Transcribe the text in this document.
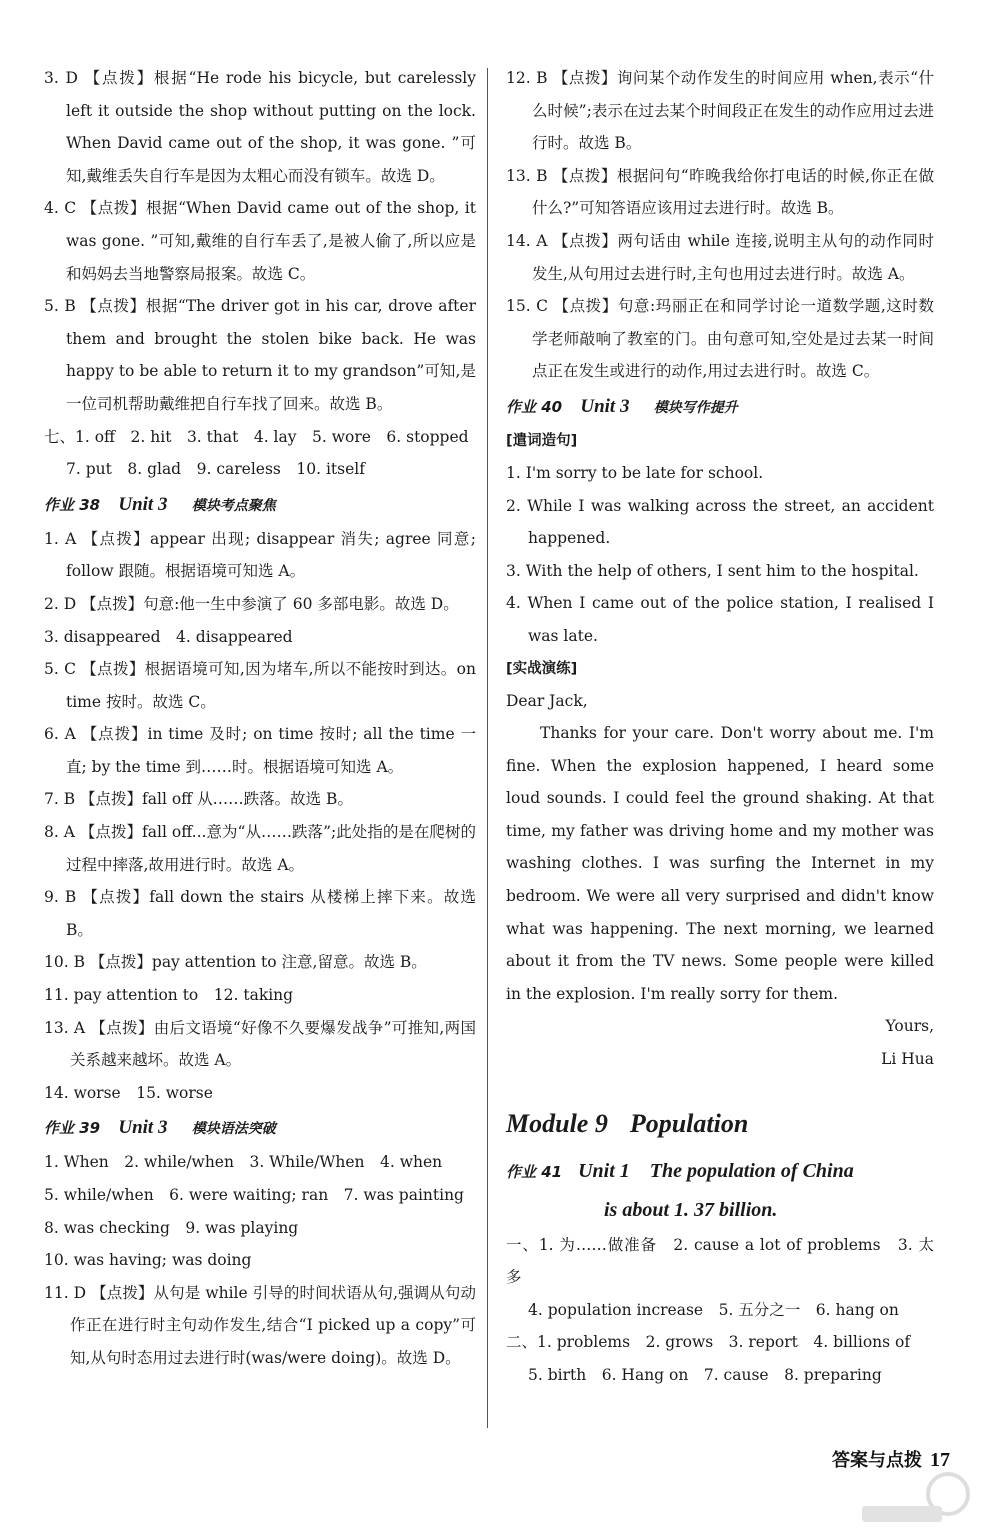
3. D 【点拨】根据“He rode his bicycle, but carelessly left it outside the shop without putting on the lock. When David came out of the shop, it was gone. ”可知,戴维丢失自行车是因为太粗心而没有锁车。故选 D。

4. C 【点拨】根据“When David came out of the shop, it was gone. ”可知,戴维的自行车丢了,是被人偷了,所以应是和妈妈去当地警察局报案。故选 C。

5. B 【点拨】根据“The driver got in his car, drove after them and brought the stolen bike back. He was happy to be able to return it to my grandson”可知,是一位司机帮助戴维把自行车找了回来。故选 B。

七、1. off　2. hit　3. that　4. lay　5. wore　6. stopped

7. put　8. glad　9. careless　10. itself

作业 38 Unit 3 模块考点聚焦

1. A 【点拨】appear 出现; disappear 消失; agree 同意; follow 跟随。根据语境可知选 A。

2. D 【点拨】句意:他一生中参演了 60 多部电影。故选 D。

3. disappeared　4. disappeared

5. C 【点拨】根据语境可知,因为堵车,所以不能按时到达。on time 按时。故选 C。

6. A 【点拨】in time 及时; on time 按时; all the time 一直; by the time 到……时。根据语境可知选 A。

7. B 【点拨】fall off 从……跌落。故选 B。

8. A 【点拨】fall off...意为“从……跌落”;此处指的是在爬树的过程中摔落,故用进行时。故选 A。

9. B 【点拨】fall down the stairs 从楼梯上摔下来。故选 B。

10. B 【点拨】pay attention to 注意,留意。故选 B。

11. pay attention to　12. taking

13. A 【点拨】由后文语境“好像不久要爆发战争”可推知,两国关系越来越坏。故选 A。

14. worse　15. worse

作业 39 Unit 3 模块语法突破

1. When　2. while/when　3. While/When　4. when

5. while/when　6. were waiting; ran　7. was painting

8. was checking　9. was playing

10. was having; was doing

11. D 【点拨】从句是 while 引导的时间状语从句,强调从句动作正在进行时主句动作发生,结合“I picked up a copy”可知,从句时态用过去进行时(was/were doing)。故选 D。

12. B 【点拨】询问某个动作发生的时间应用 when,表示“什么时候”;表示在过去某个时间段正在发生的动作应用过去进行时。故选 B。

13. B 【点拨】根据问句“昨晚我给你打电话的时候,你正在做什么?”可知答语应该用过去进行时。故选 B。

14. A 【点拨】两句话由 while 连接,说明主从句的动作同时发生,从句用过去进行时,主句也用过去进行时。故选 A。

15. C 【点拨】句意:玛丽正在和同学讨论一道数学题,这时数学老师敲响了教室的门。由句意可知,空处是过去某一时间点正在发生或进行的动作,用过去进行时。故选 C。

作业 40 Unit 3 模块写作提升

[遣词造句]

1. I'm sorry to be late for school.

2. While I was walking across the street, an accident happened.

3. With the help of others, I sent him to the hospital.

4. When I came out of the police station, I realised I was late.

[实战演练]

Dear Jack,

Thanks for your care. Don't worry about me. I'm fine. When the explosion happened, I heard some loud sounds. I could feel the ground shaking. At that time, my father was driving home and my mother was washing clothes. I was surfing the Internet in my bedroom. We were all very surprised and didn't know what was happening. The next morning, we learned about it from the TV news. Some people were killed in the explosion. I'm really sorry for them.

Yours,

Li Hua

Module 9 Population
作业 41 Unit 1 The population of China
is about 1. 37 billion.

一、1. 为……做准备　2. cause a lot of problems　3. 太多

4. population increase　5. 五分之一　6. hang on

二、1. problems　2. grows　3. report　4. billions of

5. birth　6. Hang on　7. cause　8. preparing

答案与点拨 17
